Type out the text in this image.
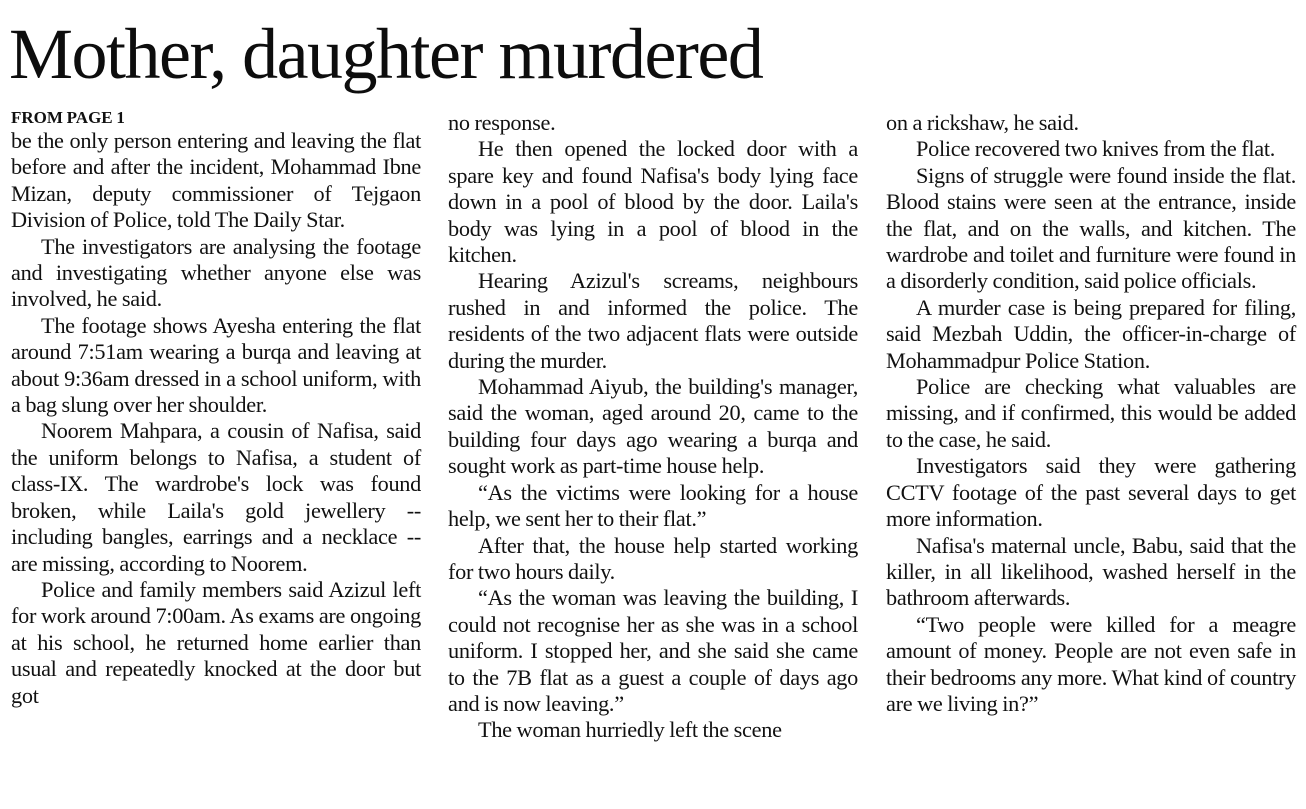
Mother, daughter murdered
FROM PAGE 1

be the only person entering and leaving the flat before and after the incident, Mohammad Ibne Mizan, deputy commissioner of Tejgaon Division of Police, told The Daily Star.

The investigators are analysing the footage and investigating whether anyone else was involved, he said.

The footage shows Ayesha entering the flat around 7:51am wearing a burqa and leaving at about 9:36am dressed in a school uniform, with a bag slung over her shoulder.

Noorem Mahpara, a cousin of Nafisa, said the uniform belongs to Nafisa, a student of class-IX. The wardrobe's lock was found broken, while Laila's gold jewellery -- including bangles, earrings and a necklace -- are missing, according to Noorem.

Police and family members said Azizul left for work around 7:00am. As exams are ongoing at his school, he returned home earlier than usual and repeatedly knocked at the door but got

no response.

He then opened the locked door with a spare key and found Nafisa's body lying face down in a pool of blood by the door. Laila's body was lying in a pool of blood in the kitchen.

Hearing Azizul's screams, neighbours rushed in and informed the police. The residents of the two adjacent flats were outside during the murder.

Mohammad Aiyub, the building's manager, said the woman, aged around 20, came to the building four days ago wearing a burqa and sought work as part-time house help.

“As the victims were looking for a house help, we sent her to their flat.”

After that, the house help started working for two hours daily.

“As the woman was leaving the building, I could not recognise her as she was in a school uniform. I stopped her, and she said she came to the 7B flat as a guest a couple of days ago and is now leaving.”

The woman hurriedly left the scene

on a rickshaw, he said.

Police recovered two knives from the flat.

Signs of struggle were found inside the flat. Blood stains were seen at the entrance, inside the flat, and on the walls, and kitchen. The wardrobe and toilet and furniture were found in a disorderly condition, said police officials.

A murder case is being prepared for filing, said Mezbah Uddin, the officer-in-charge of Mohammadpur Police Station.

Police are checking what valuables are missing, and if confirmed, this would be added to the case, he said.

Investigators said they were gathering CCTV footage of the past several days to get more information.

Nafisa's maternal uncle, Babu, said that the killer, in all likelihood, washed herself in the bathroom afterwards.

“Two people were killed for a meagre amount of money. People are not even safe in their bedrooms any more. What kind of country are we living in?”
